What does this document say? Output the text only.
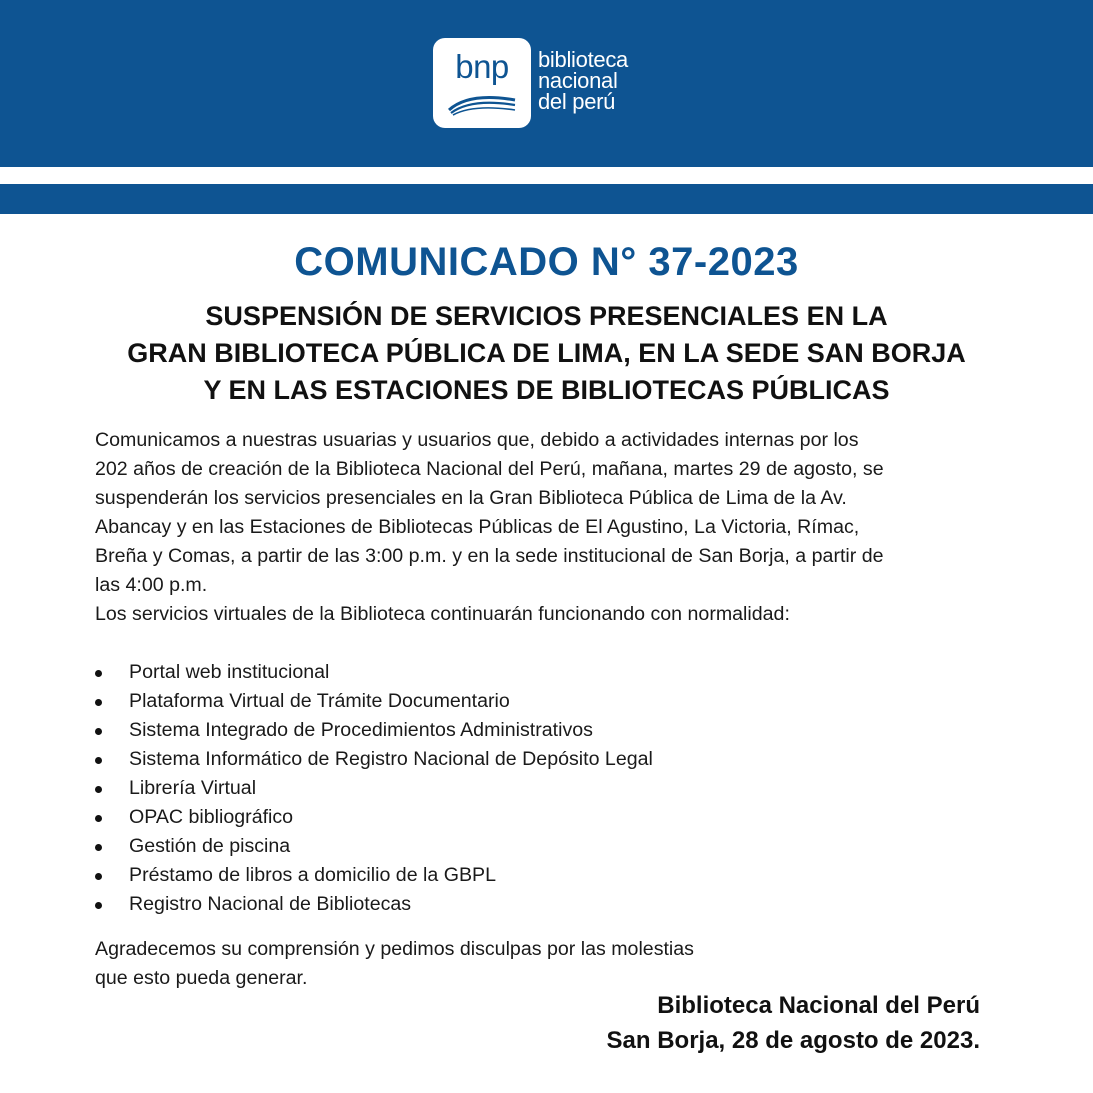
bnp	biblioteca
nacional
del perú
COMUNICADO N° 37-2023
SUSPENSIÓN DE SERVICIOS PRESENCIALES EN LA
GRAN BIBLIOTECA PÚBLICA DE LIMA, EN LA SEDE SAN BORJA
Y EN LAS ESTACIONES DE BIBLIOTECAS PÚBLICAS
Comunicamos a nuestras usuarias y usuarios que, debido a actividades internas por los
202 años de creación de la Biblioteca Nacional del Perú, mañana, martes 29 de agosto, se
suspenderán los servicios presenciales en la Gran Biblioteca Pública de Lima de la Av.
Abancay y en las Estaciones de Bibliotecas Públicas de El Agustino, La Victoria, Rímac,
Breña y Comas, a partir de las 3:00 p.m. y en la sede institucional de San Borja, a partir de
las 4:00 p.m.
Los servicios virtuales de la Biblioteca continuarán funcionando con normalidad:
Portal web institucional
Plataforma Virtual de Trámite Documentario
Sistema Integrado de Procedimientos Administrativos
Sistema Informático de Registro Nacional de Depósito Legal
Librería Virtual
OPAC bibliográfico
Gestión de piscina
Préstamo de libros a domicilio de la GBPL
Registro Nacional de Bibliotecas
Agradecemos su comprensión y pedimos disculpas por las molestias
que esto pueda generar.
Biblioteca Nacional del Perú
San Borja, 28 de agosto de 2023.
